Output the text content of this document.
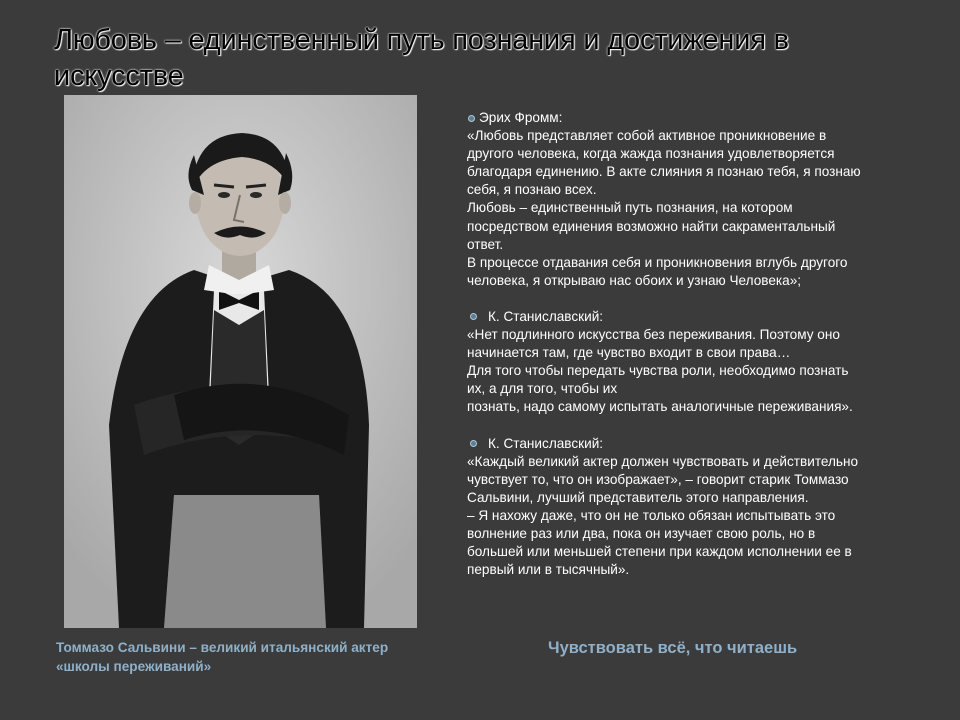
Любовь – единственный путь познания и достижения в
искусстве
Эрих Фромм:
«Любовь представляет собой активное проникновение в
другого человека, когда жажда познания удовлетворяется
благодаря единению. В акте слияния я познаю тебя, я познаю
себя, я познаю всех.
Любовь – единственный путь познания, на котором
посредством единения возможно найти сакраментальный
ответ.
В процессе отдавания себя и проникновения вглубь другого
человека, я открываю нас обоих и узнаю Человека»;
К. Станиславский:
«Нет подлинного искусства без переживания. Поэтому оно
начинается там, где чувство входит в свои права…
Для того чтобы передать чувства роли, необходимо познать
их, а для того, чтобы их
познать, надо самому испытать аналогичные переживания».
К. Станиславский:
«Каждый великий актер должен чувствовать и действительно
чувствует то, что он изображает», – говорит старик Томмазо
Сальвини, лучший представитель этого направления.
– Я нахожу даже, что он не только обязан испытывать это
волнение раз или два, пока он изучает свою роль, но в
большей или меньшей степени при каждом исполнении ее в
первый или в тысячный».
Томмазо Сальвини – великий итальянский актер
«школы переживаний»
Чувствовать всё, что читаешь
